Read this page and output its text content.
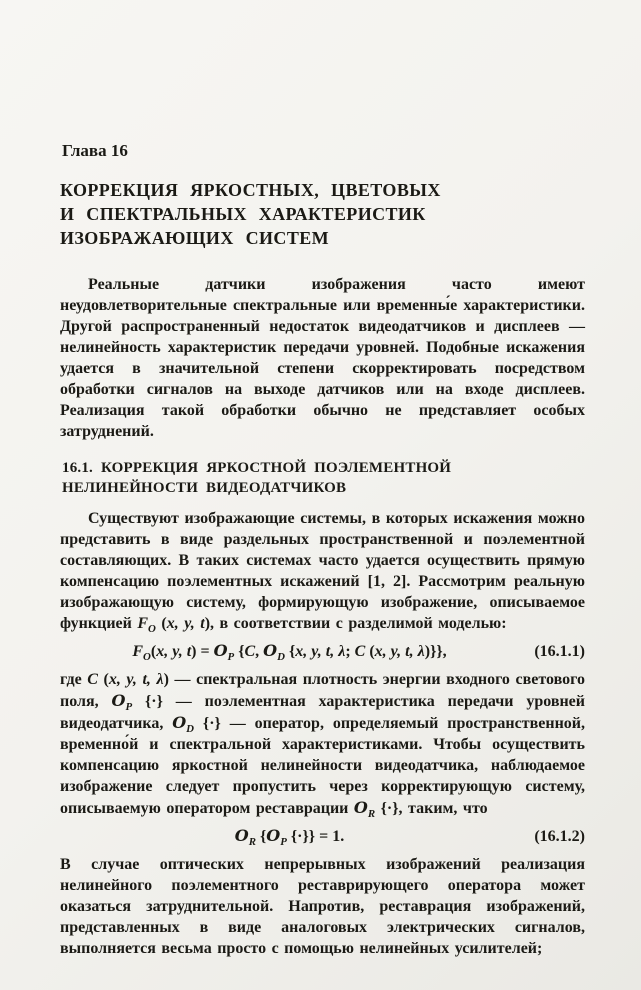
Глава 16
КОРРЕКЦИЯ ЯРКОСТНЫХ, ЦВЕТОВЫХ
И СПЕКТРАЛЬНЫХ ХАРАКТЕРИСТИК
ИЗОБРАЖАЮЩИХ СИСТЕМ

Реальные датчики изображения часто имеют неудовлетворительные спектральные или временны́е характеристики. Другой распространенный недостаток видеодатчиков и дисплеев — нелинейность характеристик передачи уровней. Подобные искажения удается в значительной степени скорректировать посредством обработки сигналов на выходе датчиков или на входе дисплеев. Реализация такой обработки обычно не представляет особых затруднений.

16.1. КОРРЕКЦИЯ ЯРКОСТНОЙ ПОЭЛЕМЕНТНОЙ
НЕЛИНЕЙНОСТИ ВИДЕОДАТЧИКОВ

Существуют изображающие системы, в которых искажения можно представить в виде раздельных пространственной и поэлементной составляющих. В таких системах часто удается осуществить прямую компенсацию поэлементных искажений [1, 2]. Рассмотрим реальную изображающую систему, формирующую изображение, описываемое функцией $F_O$ (x, y, t), в соответствии с разделимой моделью:

$F_O(x$, y, $t) = O_P$ {C, $O_D$ {x, y, t, λ; C (x, y, t, λ)}},	(16.1.1)

где C (x, y, t, λ) — спектральная плотность энергии входного светового поля, $O_P$ {·} — поэлементная характеристика передачи уровней видеодатчика, $O_D$ {·} — оператор, определяемый пространственной, временно́й и спектральной характеристиками. Чтобы осуществить компенсацию яркостной нелинейности видеодатчика, наблюдаемое изображение следует пропустить через корректирующую систему, описываемую оператором реставрации $O_R$ {·}, таким, что

$O_R$ {$O_P$ {·}} = 1.	(16.1.2)

В случае оптических непрерывных изображений реализация нелинейного поэлементного реставрирующего оператора может оказаться затруднительной. Напротив, реставрация изображений, представленных в виде аналоговых электрических сигналов, выполняется весьма просто с помощью нелинейных усилителей;
